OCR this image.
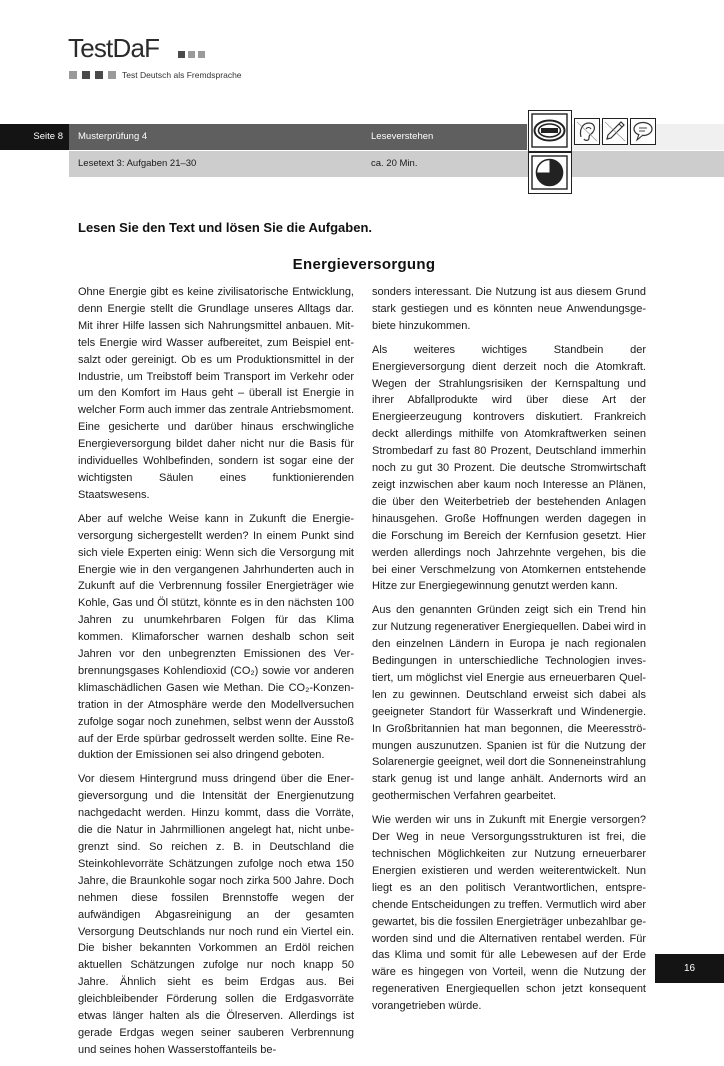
TestDaF
Test Deutsch als Fremdsprache
Musterprüfung 4	Leseverstehen
Seite 8
Lesetext 3: Aufgaben 21–30	ca. 20 Min.
Lesen Sie den Text und lösen Sie die Aufgaben.
Energieversorgung

Ohne Energie gibt es keine zivilisatorische Entwicklung, denn Energie stellt die Grundlage unseres Alltags dar. Mit ihrer Hilfe lassen sich Nahrungsmittel anbauen. Mittels Energie wird Wasser aufbereitet, zum Beispiel entsalzt oder gereinigt. Ob es um Produktionsmittel in der Industrie, um Treibstoff beim Transport im Verkehr oder um den Komfort im Haus geht – überall ist Energie in welcher Form auch immer das zentrale Antriebsmoment. Eine gesicherte und darüber hinaus erschwingliche Energieversorgung bildet daher nicht nur die Basis für individuelles Wohlbefinden, sondern ist sogar eine der wichtigsten Säulen eines funktionierenden Staatswesens.

Aber auf welche Weise kann in Zukunft die Energieversorgung sichergestellt werden? In einem Punkt sind sich viele Experten einig: Wenn sich die Versorgung mit Energie wie in den vergangenen Jahrhunderten auch in Zukunft auf die Verbrennung fossiler Energieträger wie Kohle, Gas und Öl stützt, könnte es in den nächsten 100 Jahren zu unumkehrbaren Folgen für das Klima kommen. Klimaforscher warnen deshalb schon seit Jahren vor den unbegrenzten Emissionen des Verbrennungsgases Kohlendioxid (CO₂) sowie vor anderen klimaschädlichen Gasen wie Methan. Die CO₂-Konzentration in der Atmosphäre werde den Modellversuchen zufolge sogar noch zunehmen, selbst wenn der Ausstoß auf der Erde spürbar gedrosselt werden sollte. Eine Reduktion der Emissionen sei also dringend geboten.

Vor diesem Hintergrund muss dringend über die Energieversorgung und die Intensität der Energienutzung nachgedacht werden. Hinzu kommt, dass die Vorräte, die die Natur in Jahrmillionen angelegt hat, nicht unbegrenzt sind. So reichen z. B. in Deutschland die Steinkohlevorräte Schätzungen zufolge noch etwa 150 Jahre, die Braunkohle sogar noch zirka 500 Jahre. Doch nehmen diese fossilen Brennstoffe wegen der aufwändigen Abgasreinigung an der gesamten Versorgung Deutschlands nur noch rund ein Viertel ein. Die bisher bekannten Vorkommen an Erdöl reichen aktuellen Schätzungen zufolge nur noch knapp 50 Jahre. Ähnlich sieht es beim Erdgas aus. Bei gleichbleibender Förderung sollen die Erdgasvorräte etwas länger halten als die Ölreserven. Allerdings ist gerade Erdgas wegen seiner sauberen Verbrennung und seines hohen Wasserstoffanteils be-

sonders interessant. Die Nutzung ist aus diesem Grund stark gestiegen und es könnten neue Anwendungsgebiete hinzukommen.

Als weiteres wichtiges Standbein der Energieversorgung dient derzeit noch die Atomkraft. Wegen der Strahlungsrisiken der Kernspaltung und ihrer Abfallprodukte wird über diese Art der Energieerzeugung kontrovers diskutiert. Frankreich deckt allerdings mithilfe von Atomkraftwerken seinen Strombedarf zu fast 80 Prozent, Deutschland immerhin noch zu gut 30 Prozent. Die deutsche Stromwirtschaft zeigt inzwischen aber kaum noch Interesse an Plänen, die über den Weiterbetrieb der bestehenden Anlagen hinausgehen. Große Hoffnungen werden dagegen in die Forschung im Bereich der Kernfusion gesetzt. Hier werden allerdings noch Jahrzehnte vergehen, bis die bei einer Verschmelzung von Atomkernen entstehende Hitze zur Energiegewinnung genutzt werden kann.

Aus den genannten Gründen zeigt sich ein Trend hin zur Nutzung regenerativer Energiequellen. Dabei wird in den einzelnen Ländern in Europa je nach regionalen Bedingungen in unterschiedliche Technologien investiert, um möglichst viel Energie aus erneuerbaren Quellen zu gewinnen. Deutschland erweist sich dabei als geeigneter Standort für Wasserkraft und Windenergie. In Großbritannien hat man begonnen, die Meeresströmungen auszunutzen. Spanien ist für die Nutzung der Solarenergie geeignet, weil dort die Sonneneinstrahlung stark genug ist und lange anhält. Andernorts wird an geothermischen Verfahren gearbeitet.

Wie werden wir uns in Zukunft mit Energie versorgen? Der Weg in neue Versorgungsstrukturen ist frei, die technischen Möglichkeiten zur Nutzung erneuerbarer Energien existieren und werden weiterentwickelt. Nun liegt es an den politisch Verantwortlichen, entsprechende Entscheidungen zu treffen. Vermutlich wird aber gewartet, bis die fossilen Energieträger unbezahlbar geworden sind und die Alternativen rentabel werden. Für das Klima und somit für alle Lebewesen auf der Erde wäre es hingegen von Vorteil, wenn die Nutzung der regenerativen Energiequellen schon jetzt konsequent vorangetrieben würde.

16
